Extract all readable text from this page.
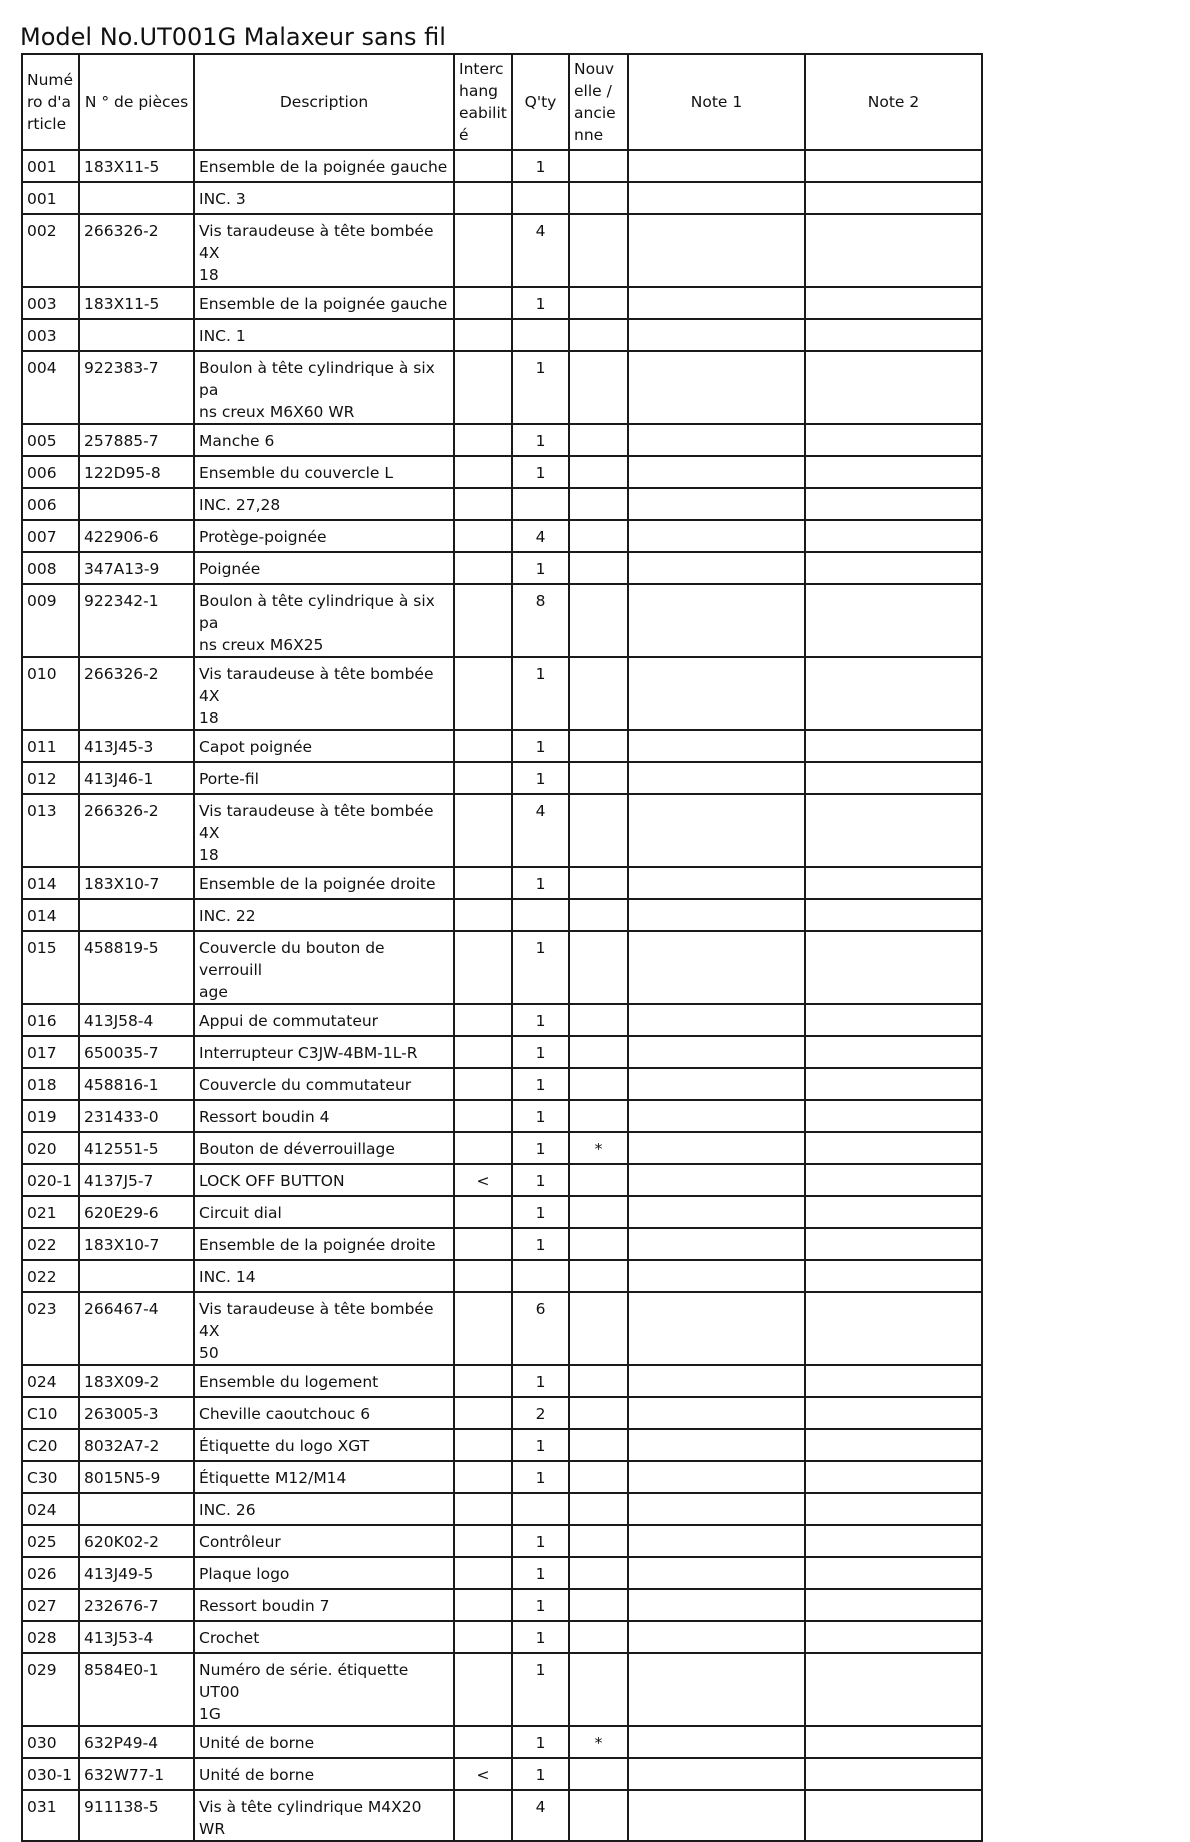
Model No.UT001G Malaxeur sans fil
Numé
ro d'a
rticle	N ° de pièces	Description	Interc
hang
eabilit
é	Q'ty	Nouv
elle /
ancie
nne	Note 1	Note 2
001	183X11-5	Ensemble de la poignée gauche		1			
001		INC. 3					
002	266326-2	Vis taraudeuse à tête bombée 4X
18		4			
003	183X11-5	Ensemble de la poignée gauche		1			
003		INC. 1					
004	922383-7	Boulon à tête cylindrique à six pa
ns creux M6X60 WR		1			
005	257885-7	Manche 6		1			
006	122D95-8	Ensemble du couvercle L		1			
006		INC. 27,28					
007	422906-6	Protège-poignée		4			
008	347A13-9	Poignée		1			
009	922342-1	Boulon à tête cylindrique à six pa
ns creux M6X25		8			
010	266326-2	Vis taraudeuse à tête bombée 4X
18		1			
011	413J45-3	Capot poignée		1			
012	413J46-1	Porte-fil		1			
013	266326-2	Vis taraudeuse à tête bombée 4X
18		4			
014	183X10-7	Ensemble de la poignée droite		1			
014		INC. 22					
015	458819-5	Couvercle du bouton de verrouill
age		1			
016	413J58-4	Appui de commutateur		1			
017	650035-7	Interrupteur C3JW-4BM-1L-R		1			
018	458816-1	Couvercle du commutateur		1			
019	231433-0	Ressort boudin 4		1			
020	412551-5	Bouton de déverrouillage		1	*		
020-1	4137J5-7	LOCK OFF BUTTON	<	1			
021	620E29-6	Circuit dial		1			
022	183X10-7	Ensemble de la poignée droite		1			
022		INC. 14					
023	266467-4	Vis taraudeuse à tête bombée 4X
50		6			
024	183X09-2	Ensemble du logement		1			
C10	263005-3	Cheville caoutchouc 6		2			
C20	8032A7-2	Étiquette du logo XGT		1			
C30	8015N5-9	Étiquette M12/M14		1			
024		INC. 26					
025	620K02-2	Contrôleur		1			
026	413J49-5	Plaque logo		1			
027	232676-7	Ressort boudin 7		1			
028	413J53-4	Crochet		1			
029	8584E0-1	Numéro de série. étiquette UT00
1G		1			
030	632P49-4	Unité de borne		1	*		
030-1	632W77-1	Unité de borne	<	1			
031	911138-5	Vis à tête cylindrique M4X20 WR		4			
